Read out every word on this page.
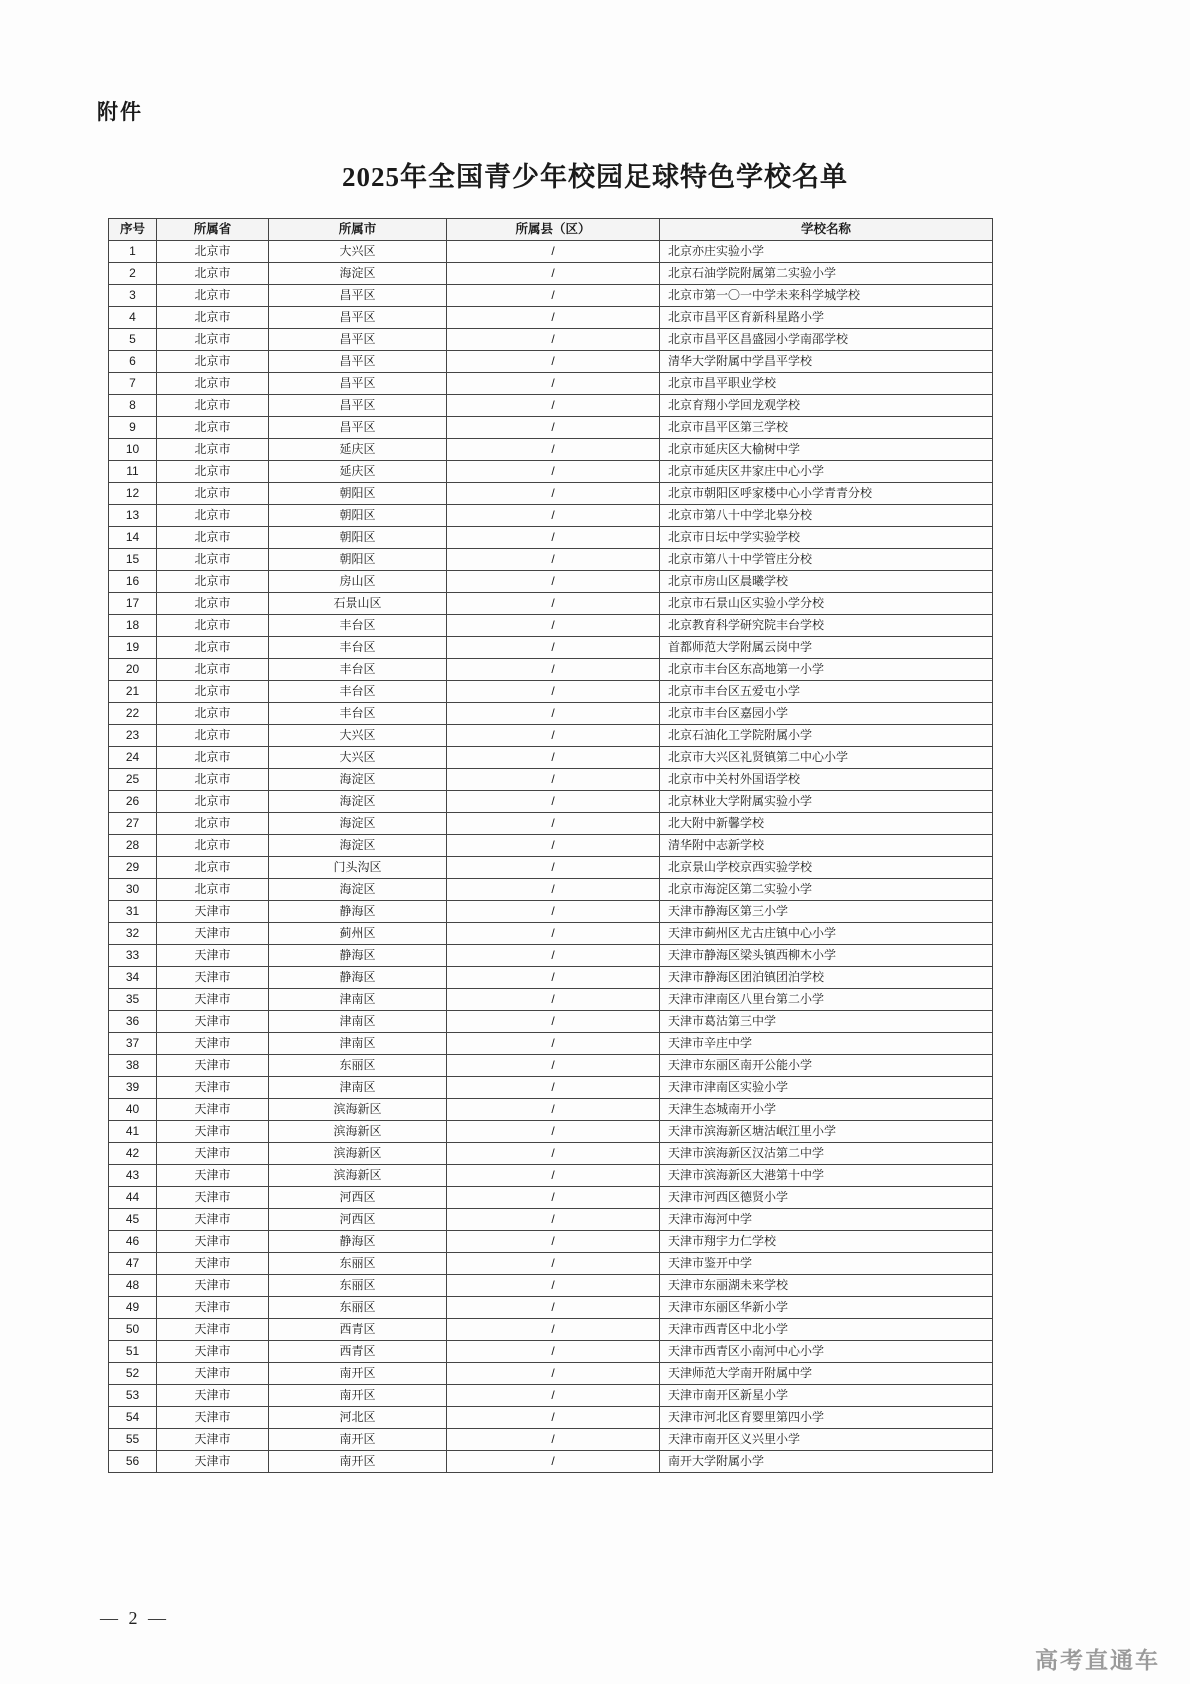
附件
2025年全国青少年校园足球特色学校名单
序号	所属省	所属市	所属县（区）	学校名称
1	北京市	大兴区	/	北京亦庄实验小学
2	北京市	海淀区	/	北京石油学院附属第二实验小学
3	北京市	昌平区	/	北京市第一〇一中学未来科学城学校
4	北京市	昌平区	/	北京市昌平区育新科星路小学
5	北京市	昌平区	/	北京市昌平区昌盛园小学南邵学校
6	北京市	昌平区	/	清华大学附属中学昌平学校
7	北京市	昌平区	/	北京市昌平职业学校
8	北京市	昌平区	/	北京育翔小学回龙观学校
9	北京市	昌平区	/	北京市昌平区第三学校
10	北京市	延庆区	/	北京市延庆区大榆树中学
11	北京市	延庆区	/	北京市延庆区井家庄中心小学
12	北京市	朝阳区	/	北京市朝阳区呼家楼中心小学青青分校
13	北京市	朝阳区	/	北京市第八十中学北皋分校
14	北京市	朝阳区	/	北京市日坛中学实验学校
15	北京市	朝阳区	/	北京市第八十中学管庄分校
16	北京市	房山区	/	北京市房山区晨曦学校
17	北京市	石景山区	/	北京市石景山区实验小学分校
18	北京市	丰台区	/	北京教育科学研究院丰台学校
19	北京市	丰台区	/	首都师范大学附属云岗中学
20	北京市	丰台区	/	北京市丰台区东高地第一小学
21	北京市	丰台区	/	北京市丰台区五爱屯小学
22	北京市	丰台区	/	北京市丰台区嘉园小学
23	北京市	大兴区	/	北京石油化工学院附属小学
24	北京市	大兴区	/	北京市大兴区礼贤镇第二中心小学
25	北京市	海淀区	/	北京市中关村外国语学校
26	北京市	海淀区	/	北京林业大学附属实验小学
27	北京市	海淀区	/	北大附中新馨学校
28	北京市	海淀区	/	清华附中志新学校
29	北京市	门头沟区	/	北京景山学校京西实验学校
30	北京市	海淀区	/	北京市海淀区第二实验小学
31	天津市	静海区	/	天津市静海区第三小学
32	天津市	蓟州区	/	天津市蓟州区尤古庄镇中心小学
33	天津市	静海区	/	天津市静海区梁头镇西柳木小学
34	天津市	静海区	/	天津市静海区团泊镇团泊学校
35	天津市	津南区	/	天津市津南区八里台第二小学
36	天津市	津南区	/	天津市葛沽第三中学
37	天津市	津南区	/	天津市辛庄中学
38	天津市	东丽区	/	天津市东丽区南开公能小学
39	天津市	津南区	/	天津市津南区实验小学
40	天津市	滨海新区	/	天津生态城南开小学
41	天津市	滨海新区	/	天津市滨海新区塘沽岷江里小学
42	天津市	滨海新区	/	天津市滨海新区汉沽第二中学
43	天津市	滨海新区	/	天津市滨海新区大港第十中学
44	天津市	河西区	/	天津市河西区德贤小学
45	天津市	河西区	/	天津市海河中学
46	天津市	静海区	/	天津市翔宇力仁学校
47	天津市	东丽区	/	天津市鉴开中学
48	天津市	东丽区	/	天津市东丽湖未来学校
49	天津市	东丽区	/	天津市东丽区华新小学
50	天津市	西青区	/	天津市西青区中北小学
51	天津市	西青区	/	天津市西青区小南河中心小学
52	天津市	南开区	/	天津师范大学南开附属中学
53	天津市	南开区	/	天津市南开区新星小学
54	天津市	河北区	/	天津市河北区育婴里第四小学
55	天津市	南开区	/	天津市南开区义兴里小学
56	天津市	南开区	/	南开大学附属小学
— 2 —
高考直通车
